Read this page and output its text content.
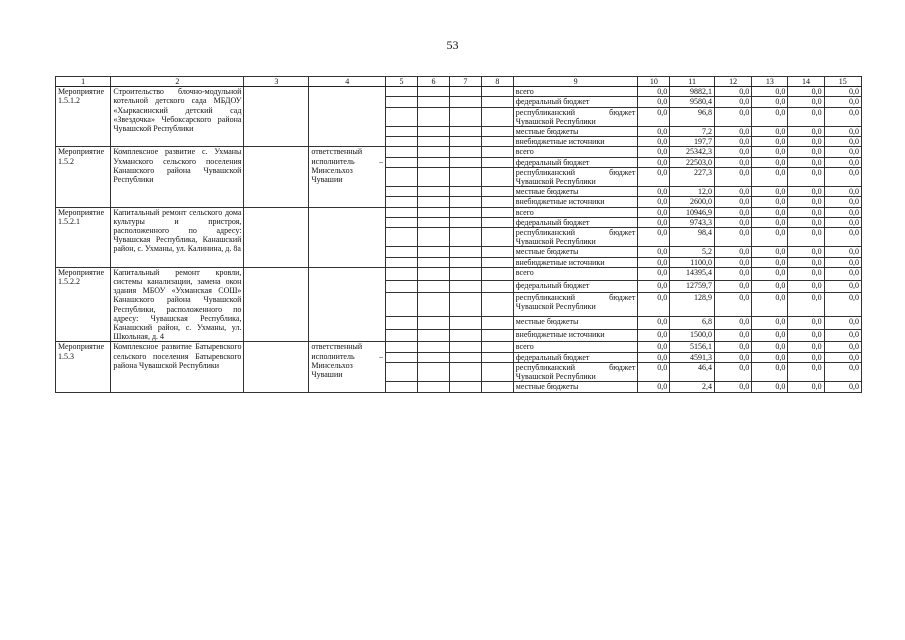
53
1	2	3	4	5	6	7	8	9	10	11	12	13	14	15
Мероприятие 1.5.1.2	Строительство блочно-модульной котельной детского сада МБДОУ «Хыркасинский детский сад «Звездочка» Чебоксарского района Чувашской Республики							всего	0,0	9882,1	0,0	0,0	0,0	0,0
								федеральный бюджет	0,0	9580,4	0,0	0,0	0,0	0,0
								республиканский бюджет Чувашской Республики	0,0	96,8	0,0	0,0	0,0	0,0
								местные бюджеты	0,0	7,2	0,0	0,0	0,0	0,0
								внебюджетные источники	0,0	197,7	0,0	0,0	0,0	0,0
Мероприятие 1.5.2	Комплексное развитие с. Ухманы Ухманского сельского поселения Канашского района Чувашской Республики		ответственный исполнитель – Минсельхоз Чувашии					всего	0,0	25342,3	0,0	0,0	0,0	0,0
								федеральный бюджет	0,0	22503,0	0,0	0,0	0,0	0,0
								республиканский бюджет Чувашской Республики	0,0	227,3	0,0	0,0	0,0	0,0
								местные бюджеты	0,0	12,0	0,0	0,0	0,0	0,0
								внебюджетные источники	0,0	2600,0	0,0	0,0	0,0	0,0
Мероприятие 1.5.2.1	Капитальный ремонт сельского дома культуры и пристроя, расположенного по адресу: Чувашская Республика, Канашский район, с. Ухманы, ул. Калинина, д. 8а							всего	0,0	10946,9	0,0	0,0	0,0	0,0
								федеральный бюджет	0,0	9743,3	0,0	0,0	0,0	0,0
								республиканский бюджет Чувашской Республики	0,0	98,4	0,0	0,0	0,0	0,0
								местные бюджеты	0,0	5,2	0,0	0,0	0,0	0,0
								внебюджетные источники	0,0	1100,0	0,0	0,0	0,0	0,0
Мероприятие 1.5.2.2	Капитальный ремонт кровли, системы канализации, замена окон здания МБОУ «Ухманская СОШ» Канашского района Чувашской Республики, расположенного по адресу: Чувашская Республика, Канашский район, с. Ухманы, ул. Школьная, д. 4							всего	0,0	14395,4	0,0	0,0	0,0	0,0
								федеральный бюджет	0,0	12759,7	0,0	0,0	0,0	0,0
								республиканский бюджет Чувашской Республики	0,0	128,9	0,0	0,0	0,0	0,0
								местные бюджеты	0,0	6,8	0,0	0,0	0,0	0,0
								внебюджетные источники	0,0	1500,0	0,0	0,0	0,0	0,0
Мероприятие 1.5.3	Комплексное развитие Батыревского сельского поселения Батыревского района Чувашской Республики		ответственный исполнитель – Минсельхоз Чувашии					всего	0,0	5156,1	0,0	0,0	0,0	0,0
								федеральный бюджет	0,0	4591,3	0,0	0,0	0,0	0,0
								республиканский бюджет Чувашской Республики	0,0	46,4	0,0	0,0	0,0	0,0
								местные бюджеты	0,0	2,4	0,0	0,0	0,0	0,0
